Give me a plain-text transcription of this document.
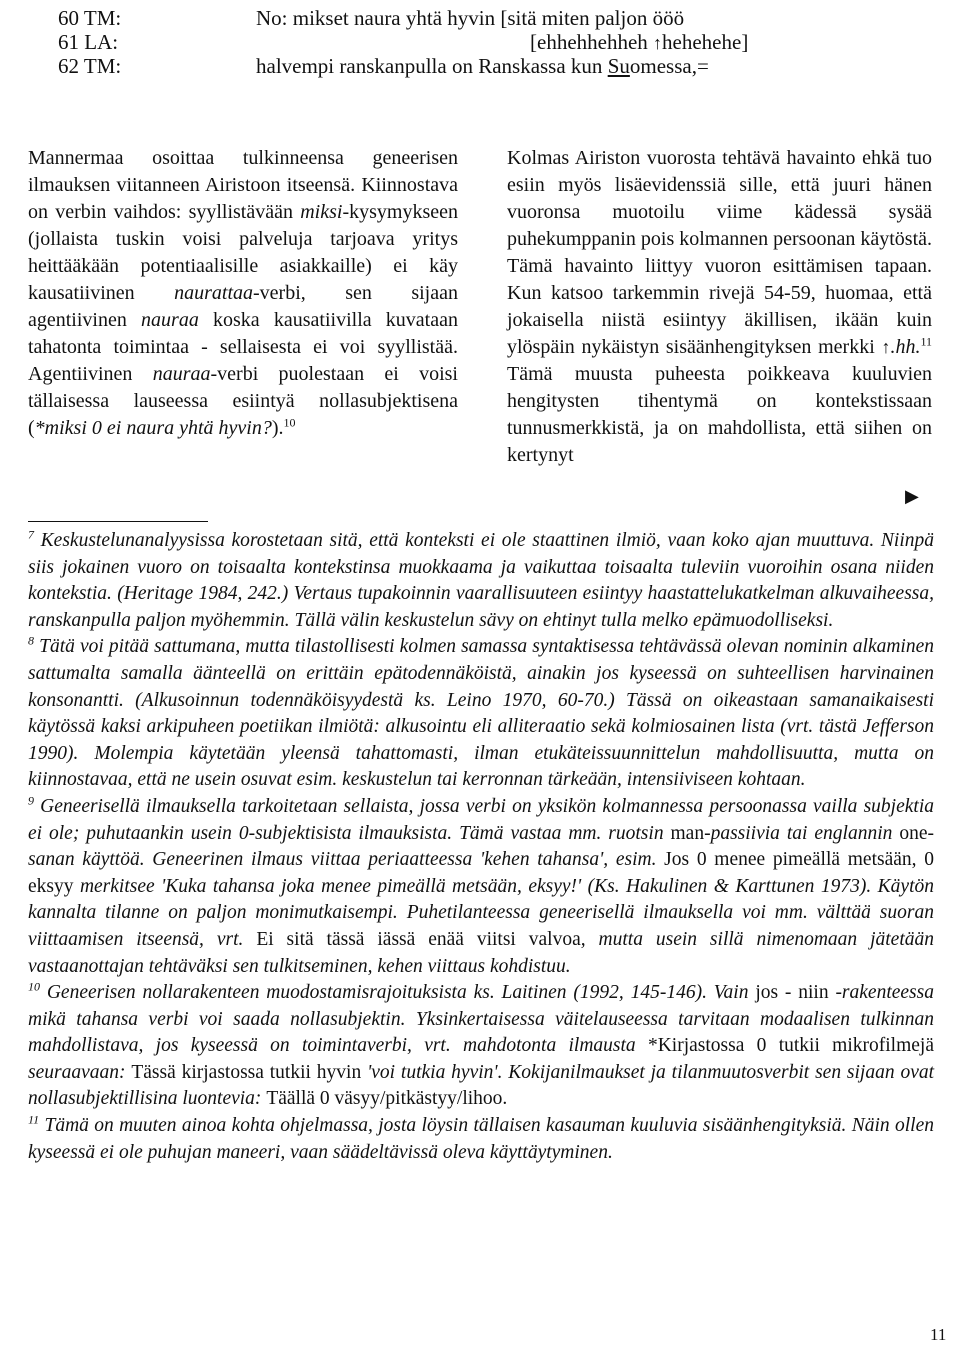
60 TM:	No: mikset naura yhtä hyvin [sitä miten paljon ööö
61 LA:	[ehhehhehheh ↑hehehehe]
62 TM:	halvempi ranskanpulla on Ranskassa kun Suomessa,=

Mannermaa osoittaa tulkinneensa geneerisen ilmauksen viitanneen Airistoon itseensä. Kiinnostava on verbin vaihdos: syyllistävään miksi-kysymykseen (jollaista tuskin voisi palveluja tarjoava yritys heittääkään potentiaalisille asiakkaille) ei käy kausatiivinen naurattaa-verbi, sen sijaan agentiivinen nauraa koska kausatiivilla kuvataan tahatonta toimintaa - sellaisesta ei voi syyllistää. Agentiivinen nauraa-verbi puolestaan ei voisi tällaisessa lauseessa esiintyä nollasubjektisena (*miksi 0 ei naura yhtä hyvin?).$^{10}$

Kolmas Airiston vuorosta tehtävä havainto ehkä tuo esiin myös lisäevidenssiä sille, että juuri hänen vuoronsa muotoilu viime kädessä sysää puhekumppanin pois kolmannen persoonan käytöstä. Tämä havainto liittyy vuoron esittämisen tapaan. Kun katsoo tarkemmin rivejä 54-59, huomaa, että jokaisella niistä esiintyy äkillisen, ikään kuin ylöspäin nykäistyn sisäänhengityksen merkki ↑.hh.$^{11}$ Tämä muusta puheesta poikkeava kuuluvien hengitysten tihentymä on kontekstissaan tunnusmerkkistä, ja on mahdollista, että siihen on kertynyt

▶

$^7$ Keskustelunanalyysissa korostetaan sitä, että konteksti ei ole staattinen ilmiö, vaan koko ajan muuttuva. Niinpä siis jokainen vuoro on toisaalta kontekstinsa muokkaama ja vaikuttaa toisaalta tuleviin vuoroihin osana niiden kontekstia. (Heritage 1984, 242.) Vertaus tupakoinnin vaarallisuuteen esiintyy haastattelukatkelman alkuvaiheessa, ranskanpulla paljon myöhemmin. Tällä välin keskustelun sävy on ehtinyt tulla melko epämuodolliseksi.

$^8$ Tätä voi pitää sattumana, mutta tilastollisesti kolmen samassa syntaktisessa tehtävässä olevan nominin alkaminen sattumalta samalla äänteellä on erittäin epätodennäköistä, ainakin jos kyseessä on suhteellisen harvinainen konsonantti. (Alkusoinnun todennäköisyydestä ks. Leino 1970, 60-70.) Tässä on oikeastaan samanaikaisesti käytössä kaksi arkipuheen poetiikan ilmiötä: alkusointu eli alliteraatio sekä kolmiosainen lista (vrt. tästä Jefferson 1990). Molempia käytetään yleensä tahattomasti, ilman etukäteissuunnittelun mahdollisuutta, mutta on kiinnostavaa, että ne usein osuvat esim. keskustelun tai kerronnan tärkeään, intensiiviseen kohtaan.

$^9$ Geneerisellä ilmauksella tarkoitetaan sellaista, jossa verbi on yksikön kolmannessa persoonassa vailla subjektia ei ole; puhutaankin usein 0-subjektisista ilmauksista. Tämä vastaa mm. ruotsin man-passiivia tai englannin one-sanan käyttöä. Geneerinen ilmaus viittaa periaatteessa 'kehen tahansa', esim. Jos 0 menee pimeällä metsään, 0 eksyy merkitsee 'Kuka tahansa joka menee pimeällä metsään, eksyy!' (Ks. Hakulinen & Karttunen 1973). Käytön kannalta tilanne on paljon monimutkaisempi. Puhetilanteessa geneerisellä ilmauksella voi mm. välttää suoran viittaamisen itseensä, vrt. Ei sitä tässä iässä enää viitsi valvoa, mutta usein sillä nimenomaan jätetään vastaanottajan tehtäväksi sen tulkitseminen, kehen viittaus kohdistuu.

$^{10}$ Geneerisen nollarakenteen muodostamisrajoituksista ks. Laitinen (1992, 145-146). Vain jos - niin -rakenteessa mikä tahansa verbi voi saada nollasubjektin. Yksinkertaisessa väitelauseessa tarvitaan modaalisen tulkinnan mahdollistava, jos kyseessä on toimintaverbi, vrt. mahdotonta ilmausta *Kirjastossa 0 tutkii mikrofilmejä seuraavaan: Tässä kirjastossa tutkii hyvin 'voi tutkia hyvin'. Kokijanilmaukset ja tilanmuutosverbit sen sijaan ovat nollasubjektillisina luontevia: Täällä 0 väsyy/pitkästyy/lihoo.

$^{11}$ Tämä on muuten ainoa kohta ohjelmassa, josta löysin tällaisen kasauman kuuluvia sisäänhengityksiä. Näin ollen kyseessä ei ole puhujan maneeri, vaan säädeltävissä oleva käyttäytyminen.

11
